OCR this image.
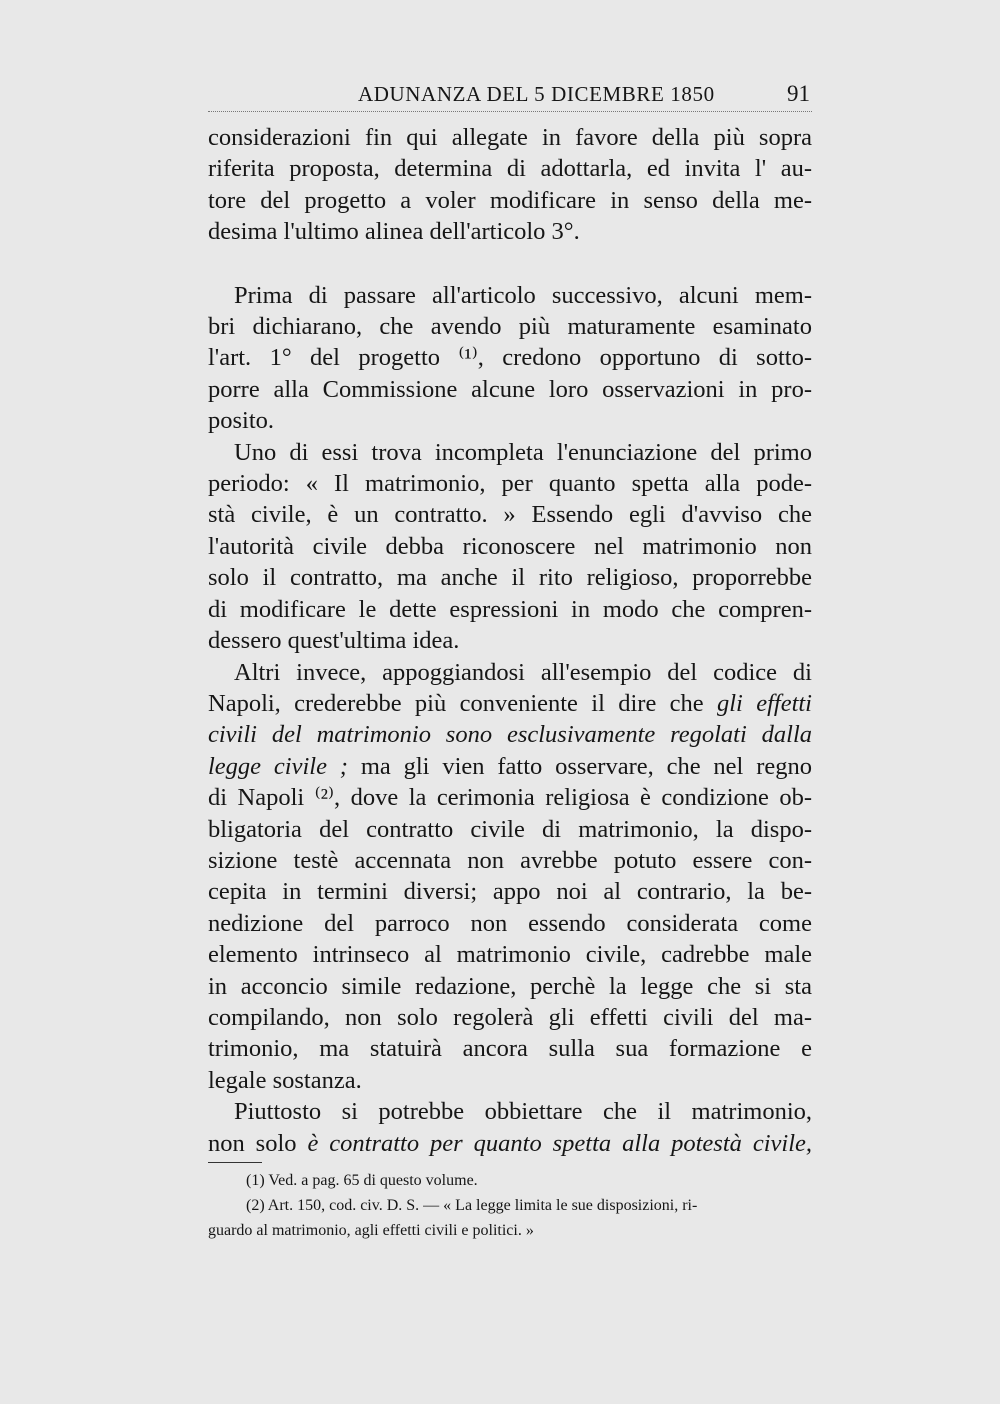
ADUNANZA DEL 5 DICEMBRE 1850	91

considerazioni fin qui allegate in favore della più sopra
riferita proposta, determina di adottarla, ed invita l' au-
tore del progetto a voler modificare in senso della me-
desima l'ultimo alinea dell'articolo 3°.

Prima di passare all'articolo successivo, alcuni mem-
bri dichiarano, che avendo più maturamente esaminato
l'art. 1° del progetto ⁽¹⁾, credono opportuno di sotto-
porre alla Commissione alcune loro osservazioni in pro-
posito.

Uno di essi trova incompleta l'enunciazione del primo
periodo: « Il matrimonio, per quanto spetta alla pode-
stà civile, è un contratto. » Essendo egli d'avviso che
l'autorità civile debba riconoscere nel matrimonio non
solo il contratto, ma anche il rito religioso, proporrebbe
di modificare le dette espressioni in modo che compren-
dessero quest'ultima idea.

Altri invece, appoggiandosi all'esempio del codice di
Napoli, crederebbe più conveniente il dire che gli effetti
civili del matrimonio sono esclusivamente regolati dalla
legge civile ; ma gli vien fatto osservare, che nel regno
di Napoli ⁽²⁾, dove la cerimonia religiosa è condizione ob-
bligatoria del contratto civile di matrimonio, la dispo-
sizione testè accennata non avrebbe potuto essere con-
cepita in termini diversi; appo noi al contrario, la be-
nedizione del parroco non essendo considerata come
elemento intrinseco al matrimonio civile, cadrebbe male
in acconcio simile redazione, perchè la legge che si sta
compilando, non solo regolerà gli effetti civili del ma-
trimonio, ma statuirà ancora sulla sua formazione e
legale sostanza.

Piuttosto si potrebbe obbiettare che il matrimonio,
non solo è contratto per quanto spetta alla potestà civile,

(1) Ved. a pag. 65 di questo volume.
(2) Art. 150, cod. civ. D. S. — « La legge limita le sue disposizioni, ri-
guardo al matrimonio, agli effetti civili e politici. »
